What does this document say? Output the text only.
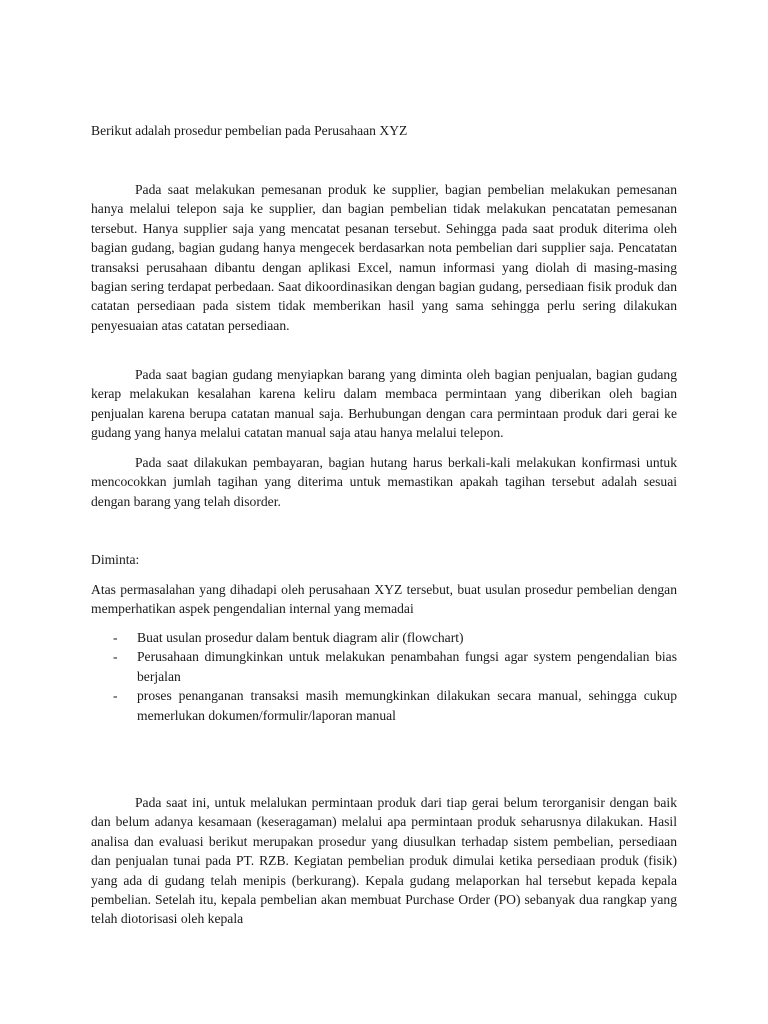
Berikut adalah prosedur pembelian pada Perusahaan XYZ

Pada saat melakukan pemesanan produk ke supplier, bagian pembelian melakukan pemesanan hanya melalui telepon saja ke supplier, dan bagian pembelian tidak melakukan pencatatan pemesanan tersebut. Hanya supplier saja yang mencatat pesanan tersebut. Sehingga pada saat produk diterima oleh bagian gudang, bagian gudang hanya mengecek berdasarkan nota pembelian dari supplier saja. Pencatatan transaksi perusahaan dibantu dengan aplikasi Excel, namun informasi yang diolah di masing-masing bagian sering terdapat perbedaan. Saat dikoordinasikan dengan bagian gudang, persediaan fisik produk dan catatan persediaan pada sistem tidak memberikan hasil yang sama sehingga perlu sering dilakukan penyesuaian atas catatan persediaan.

Pada saat bagian gudang menyiapkan barang yang diminta oleh bagian penjualan, bagian gudang kerap melakukan kesalahan karena keliru dalam membaca permintaan yang diberikan oleh bagian penjualan karena berupa catatan manual saja. Berhubungan dengan cara permintaan produk dari gerai ke gudang yang hanya melalui catatan manual saja atau hanya melalui telepon.

Pada saat dilakukan pembayaran, bagian hutang harus berkali-kali melakukan konfirmasi untuk mencocokkan jumlah tagihan yang diterima untuk memastikan apakah tagihan tersebut adalah sesuai dengan barang yang telah disorder.

Diminta:

Atas permasalahan yang dihadapi oleh perusahaan XYZ tersebut, buat usulan prosedur pembelian dengan memperhatikan aspek pengendalian internal yang memadai

- Buat usulan prosedur dalam bentuk diagram alir (flowchart)
- Perusahaan dimungkinkan untuk melakukan penambahan fungsi agar system pengendalian bias berjalan
- proses penanganan transaksi masih memungkinkan dilakukan secara manual, sehingga cukup memerlukan dokumen/formulir/laporan manual

Pada saat ini, untuk melalukan permintaan produk dari tiap gerai belum terorganisir dengan baik dan belum adanya kesamaan (keseragaman) melalui apa permintaan produk seharusnya dilakukan. Hasil analisa dan evaluasi berikut merupakan prosedur yang diusulkan terhadap sistem pembelian, persediaan dan penjualan tunai pada PT. RZB. Kegiatan pembelian produk dimulai ketika persediaan produk (fisik) yang ada di gudang telah menipis (berkurang). Kepala gudang melaporkan hal tersebut kepada kepala pembelian. Setelah itu, kepala pembelian akan membuat Purchase Order (PO) sebanyak dua rangkap yang telah diotorisasi oleh kepala
